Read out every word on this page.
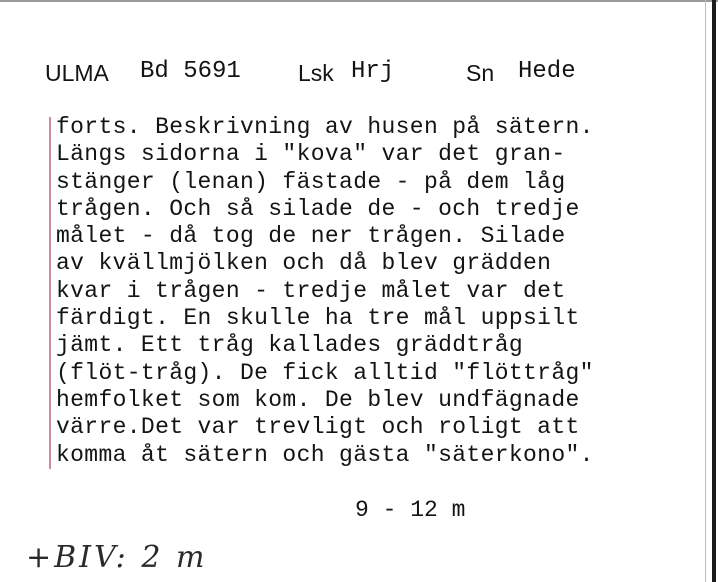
ULMA Bd 5691 Lsk Hrj	Sn Hede
forts. Beskrivning av husen på sätern.
Längs sidorna i "kova" var det gran-
stänger (lenan) fästade - på dem låg
trågen. Och så silade de - och tredje
målet - då tog de ner trågen. Silade
av kvällmjölken och då blev grädden
kvar i trågen - tredje målet var det
färdigt. En skulle ha tre mål uppsilt
jämt. Ett tråg kallades gräddtråg
(flöt-tråg). De fick alltid "flöttråg"
hemfolket som kom. De blev undfägnade
värre.Det var trevligt och roligt att
komma åt sätern och gästa "säterkono".
9 - 12 m
+BIV: 2 m
